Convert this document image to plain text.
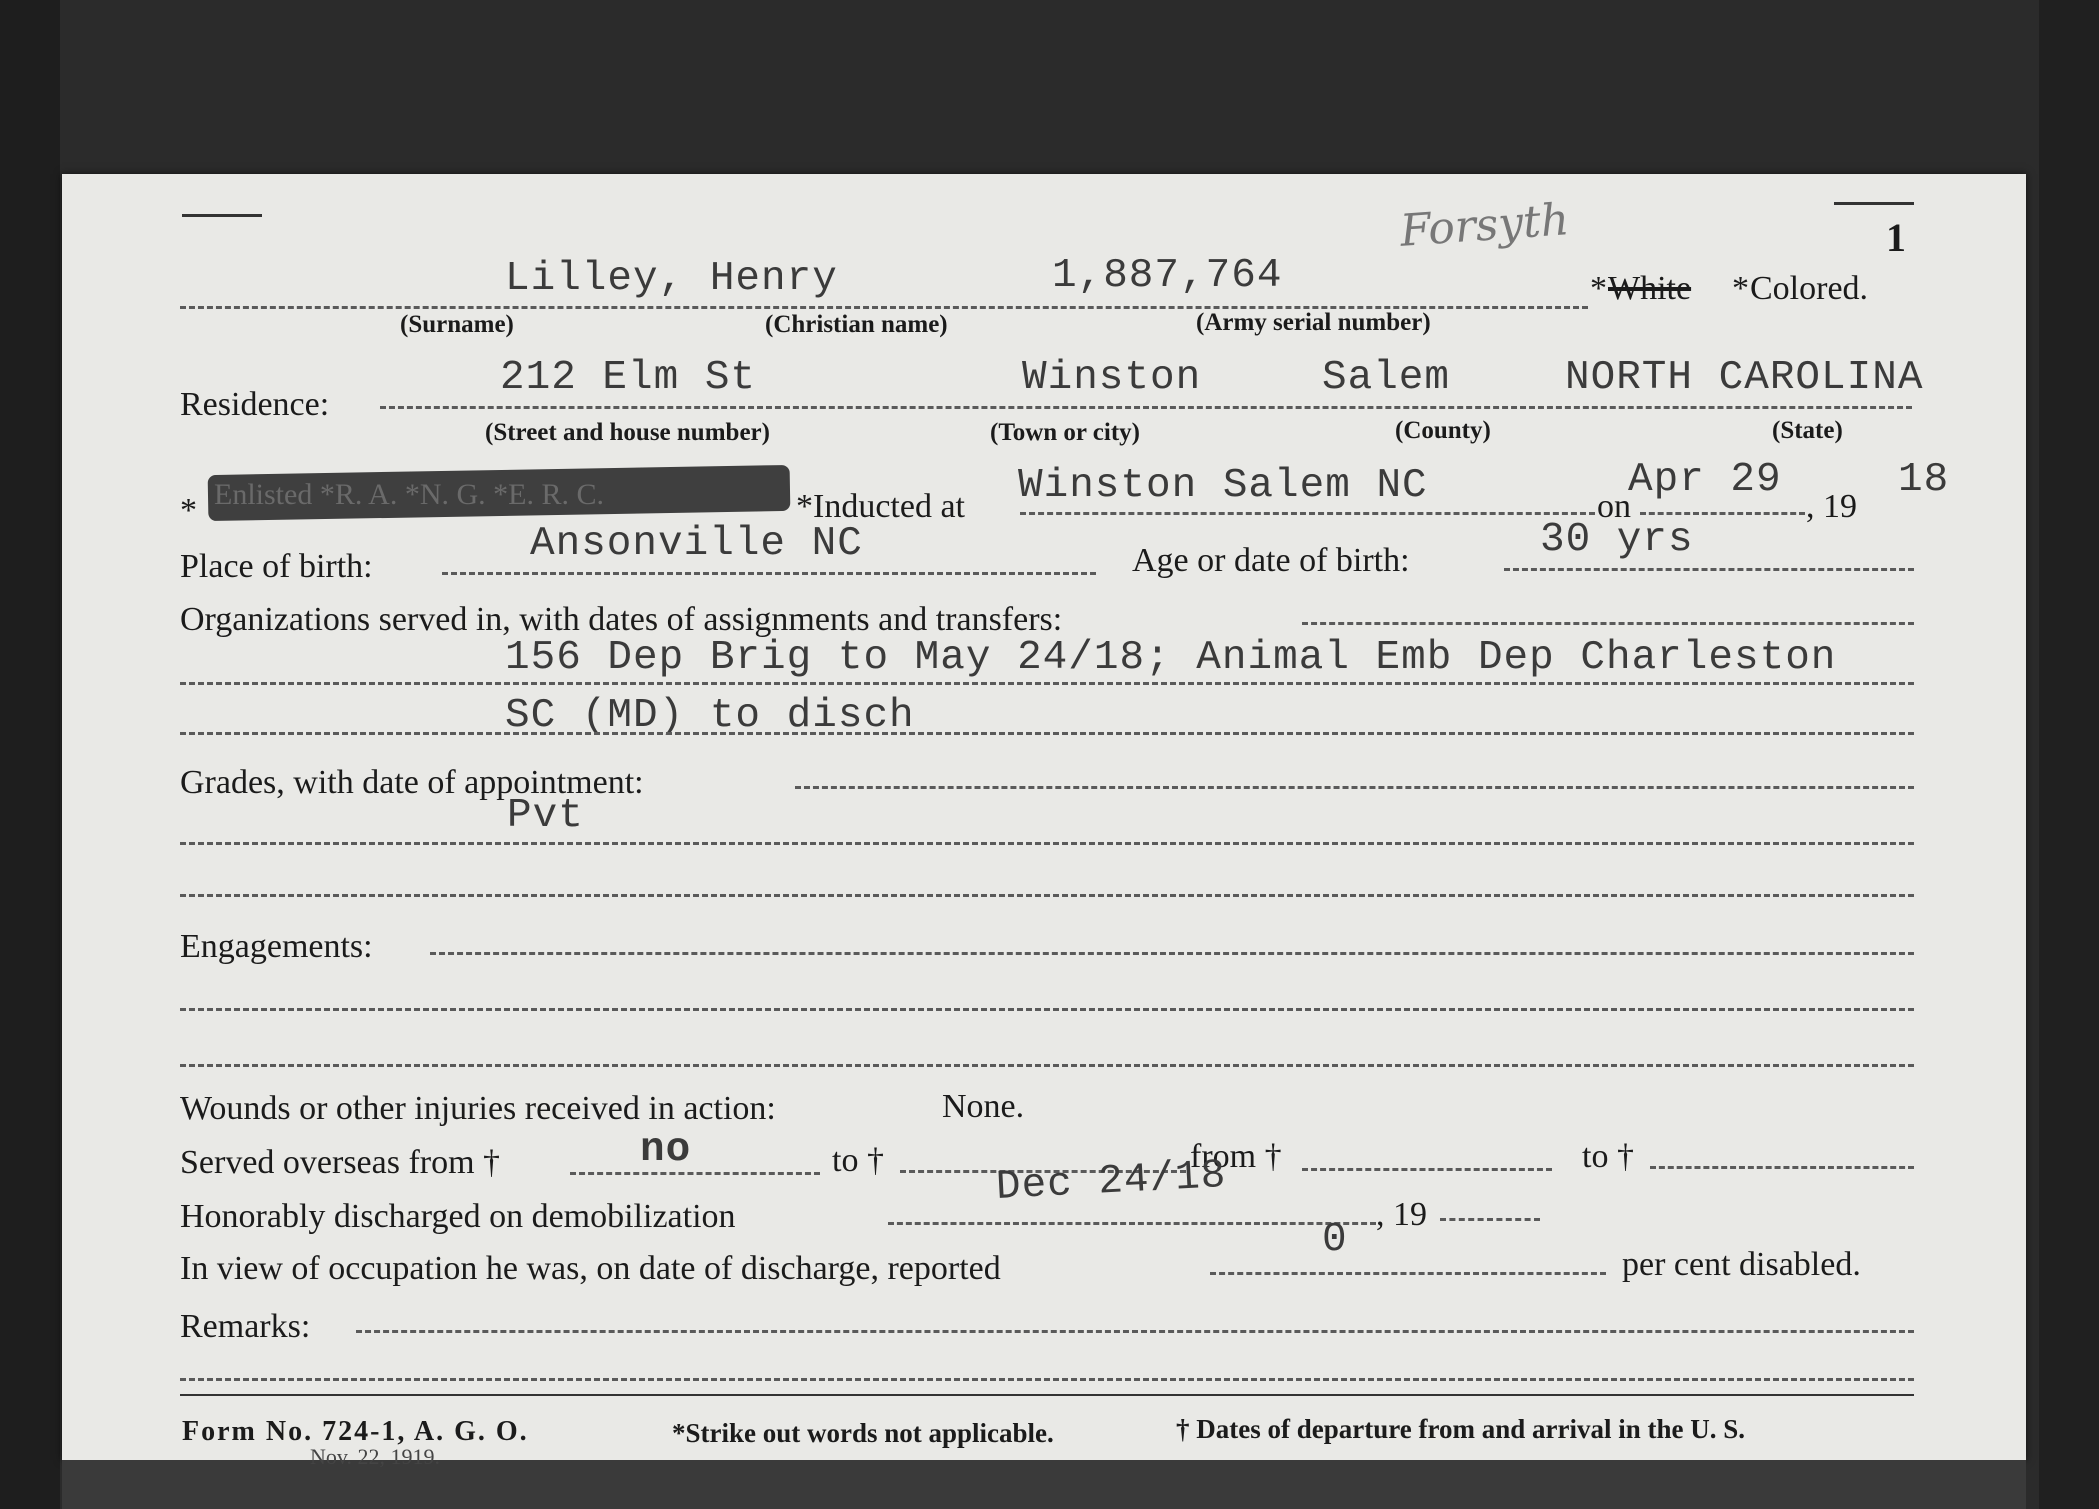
1
Forsyth
Lilley, Henry	1,887,764	* White * Colored.
(Surname)	(Christian name)	(Army serial number)
212 Elm St	Winston	Salem	NORTH CAROLINA
Residence:
(Street and house number)	(Town or city)	(County)	(State)
* Enlisted *R. A. *N. G. *E. R. C.	*Inducted at Winston Salem NC	on
Apr 29
, 19
18
Ansonville NC
Place of birth:	Age or date of birth:	30 yrs
Organizations served in, with dates of assignments and transfers:
156 Dep Brig to May 24/18; Animal Emb Dep Charleston
SC (MD) to disch
Grades, with date of appointment:
Pvt
Engagements:
Wounds or other injuries received in action:	None.
Served overseas from †	no	to †	from †	to †
Honorably discharged on demobilization
Dec 24/18
, 19
In view of occupation he was, on date of discharge, reported
0
per cent disabled.
Remarks:
Form No. 724-1, A. G. O.
Nov. 22, 1919.
*Strike out words not applicable.	† Dates of departure from and arrival in the U. S.
